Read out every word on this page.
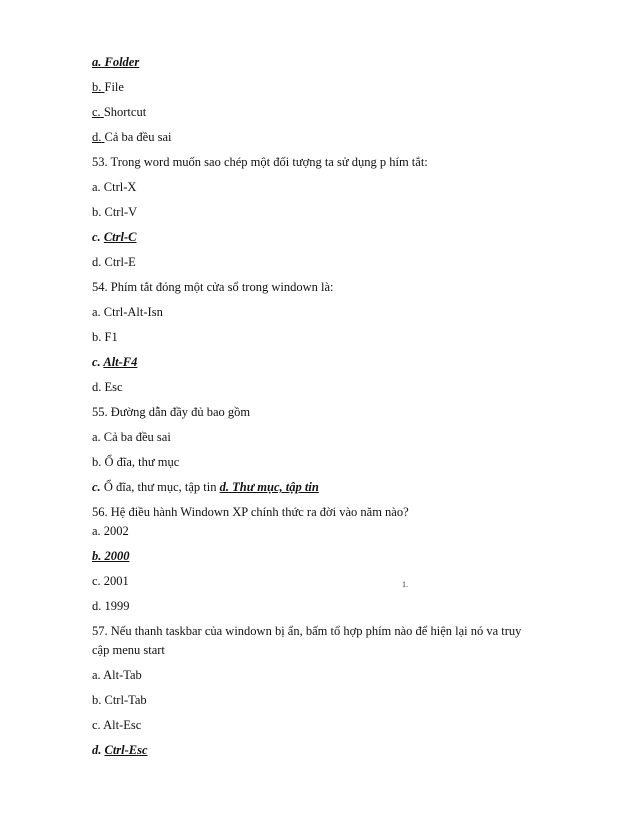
a. Folder
b. File
c. Shortcut
d. Cả ba đều sai
53. Trong word muốn sao chép một đối tượng ta sử dụng p hím tắt:
a. Ctrl-X
b. Ctrl-V
c. Ctrl-C
d. Ctrl-E
54. Phím tắt đóng một cửa sổ trong windown là:
a. Ctrl-Alt-Isn
b. F1
c. Alt-F4
d. Esc
55. Đường dẫn đầy đủ bao gồm
a. Cả ba đều sai
b. Ổ đĩa, thư mục
c. Ổ đĩa, thư mục, tập tin d. Thư mục, tập tin
56. Hệ điều hành Windown XP chính thức ra đời vào năm nào?
a. 2002
b. 2000
c. 2001
d. 1999
57. Nếu thanh taskbar của windown bị ẩn, bấm tổ hợp phím nào để hiện lại nó va truy
cập menu start
a. Alt-Tab
b. Ctrl-Tab
c. Alt-Esc
d. Ctrl-Esc
1.
